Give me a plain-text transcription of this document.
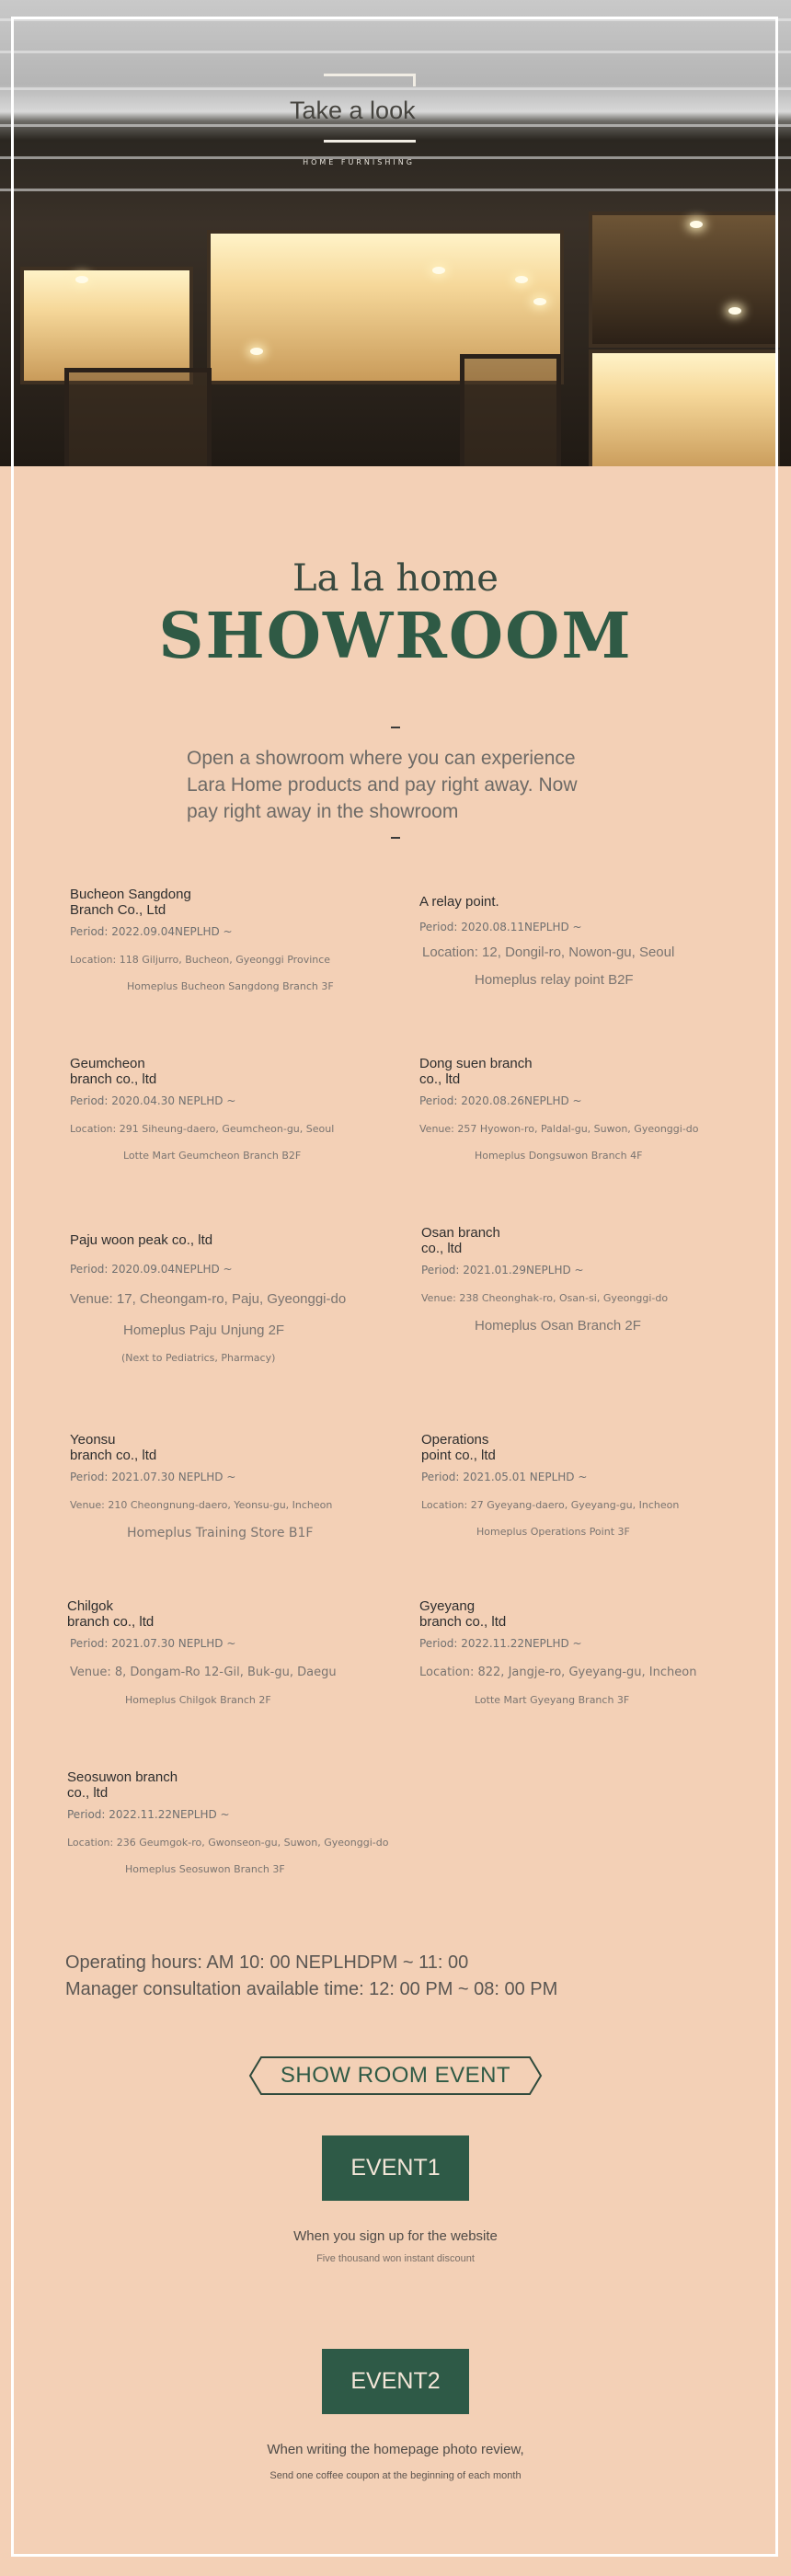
Take a look
HOME FURNISHING
La la home
SHOWROOM
Open a showroom where you can experience
Lara Home products and pay right away. Now
pay right away in the showroom
Bucheon Sangdong
Branch Co., Ltd
Period: 2022.09.04NEPLHD ~
Location: 118 Giljurro, Bucheon, Gyeonggi Province
Homeplus Bucheon Sangdong Branch 3F
A relay point.
Period: 2020.08.11NEPLHD ~
Location: 12, Dongil-ro, Nowon-gu, Seoul
Homeplus relay point B2F
Geumcheon
branch co., ltd
Period: 2020.04.30 NEPLHD ~
Location: 291 Siheung-daero, Geumcheon-gu, Seoul
Lotte Mart Geumcheon Branch B2F
Dong suen branch
co., ltd
Period: 2020.08.26NEPLHD ~
Venue: 257 Hyowon-ro, Paldal-gu, Suwon, Gyeonggi-do
Homeplus Dongsuwon Branch 4F
Paju woon peak co., ltd
Period: 2020.09.04NEPLHD ~
Venue: 17, Cheongam-ro, Paju, Gyeonggi-do
Homeplus Paju Unjung 2F
(Next to Pediatrics, Pharmacy)
Osan branch
co., ltd
Period: 2021.01.29NEPLHD ~
Venue: 238 Cheonghak-ro, Osan-si, Gyeonggi-do
Homeplus Osan Branch 2F
Yeonsu
branch co., ltd
Period: 2021.07.30 NEPLHD ~
Venue: 210 Cheongnung-daero, Yeonsu-gu, Incheon
Homeplus Training Store B1F
Operations
point co., ltd
Period: 2021.05.01 NEPLHD ~
Location: 27 Gyeyang-daero, Gyeyang-gu, Incheon
Homeplus Operations Point 3F
Chilgok
branch co., ltd
Period: 2021.07.30 NEPLHD ~
Venue: 8, Dongam-Ro 12-Gil, Buk-gu, Daegu
Homeplus Chilgok Branch 2F
Gyeyang
branch co., ltd
Period: 2022.11.22NEPLHD ~
Location: 822, Jangje-ro, Gyeyang-gu, Incheon
Lotte Mart Gyeyang Branch 3F
Seosuwon branch
co., ltd
Period: 2022.11.22NEPLHD ~
Location: 236 Geumgok-ro, Gwonseon-gu, Suwon, Gyeonggi-do
Homeplus Seosuwon Branch 3F
Operating hours: AM 10: 00 NEPLHDPM ~ 11: 00
Manager consultation available time: 12: 00 PM ~ 08: 00 PM
SHOW ROOM EVENT
EVENT1
When you sign up for the website
Five thousand won instant discount
EVENT2
When writing the homepage photo review,
Send one coffee coupon at the beginning of each month
